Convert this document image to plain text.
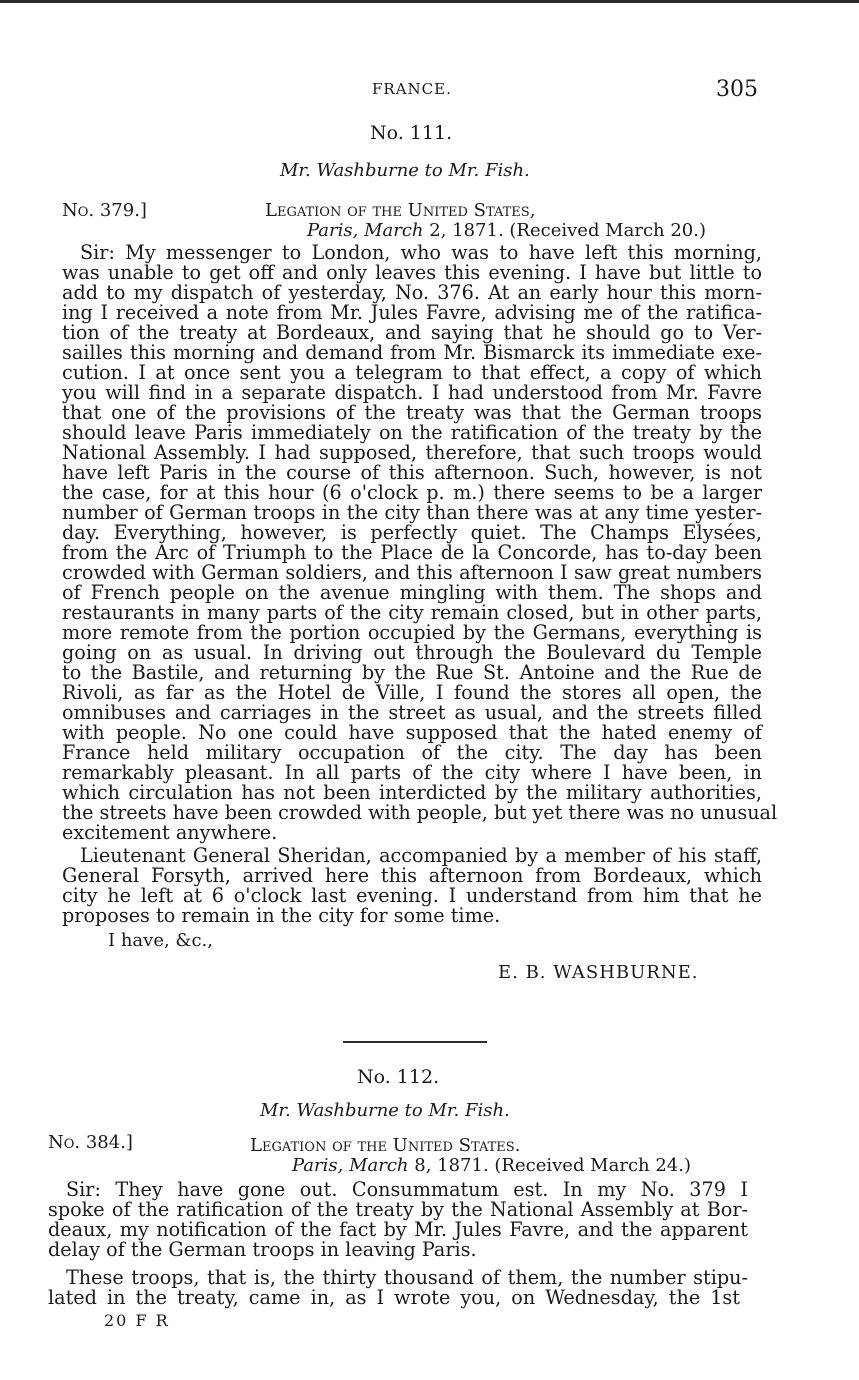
FRANCE.	305
No. 111.
Mr. Washburne to Mr. Fish.
No. 379.]	Legation of the United States,
Paris, March 2, 1871. (Received March 20.)
Sir: My messenger to London, who was to have left this morning,
was unable to get off and only leaves this evening. I have but little to
add to my dispatch of yesterday, No. 376. At an early hour this morn-
ing I received a note from Mr. Jules Favre, advising me of the ratifica-
tion of the treaty at Bordeaux, and saying that he should go to Ver-
sailles this morning and demand from Mr. Bismarck its immediate exe-
cution. I at once sent you a telegram to that effect, a copy of which
you will find in a separate dispatch. I had understood from Mr. Favre
that one of the provisions of the treaty was that the German troops
should leave Paris immediately on the ratification of the treaty by the
National Assembly. I had supposed, therefore, that such troops would
have left Paris in the course of this afternoon. Such, however, is not
the case, for at this hour (6 o'clock p. m.) there seems to be a larger
number of German troops in the city than there was at any time yester-
day. Everything, however, is perfectly quiet. The Champs Elysées,
from the Arc of Triumph to the Place de la Concorde, has to-day been
crowded with German soldiers, and this afternoon I saw great numbers
of French people on the avenue mingling with them. The shops and
restaurants in many parts of the city remain closed, but in other parts,
more remote from the portion occupied by the Germans, everything is
going on as usual. In driving out through the Boulevard du Temple
to the Bastile, and returning by the Rue St. Antoine and the Rue de
Rivoli, as far as the Hotel de Ville, I found the stores all open, the
omnibuses and carriages in the street as usual, and the streets filled
with people. No one could have supposed that the hated enemy of
France held military occupation of the city. The day has been
remarkably pleasant. In all parts of the city where I have been, in
which circulation has not been interdicted by the military authorities,
the streets have been crowded with people, but yet there was no unusual
excitement anywhere.
Lieutenant General Sheridan, accompanied by a member of his staff,
General Forsyth, arrived here this afternoon from Bordeaux, which
city he left at 6 o'clock last evening. I understand from him that he
proposes to remain in the city for some time.
I have, &c.,
E. B. WASHBURNE.
No. 112.
Mr. Washburne to Mr. Fish.
No. 384.]	Legation of the United States.
Paris, March 8, 1871. (Received March 24.)
Sir: They have gone out. Consummatum est. In my No. 379 I
spoke of the ratification of the treaty by the National Assembly at Bor-
deaux, my notification of the fact by Mr. Jules Favre, and the apparent
delay of the German troops in leaving Paris.
These troops, that is, the thirty thousand of them, the number stipu-
lated in the treaty, came in, as I wrote you, on Wednesday, the 1st
20 F R
